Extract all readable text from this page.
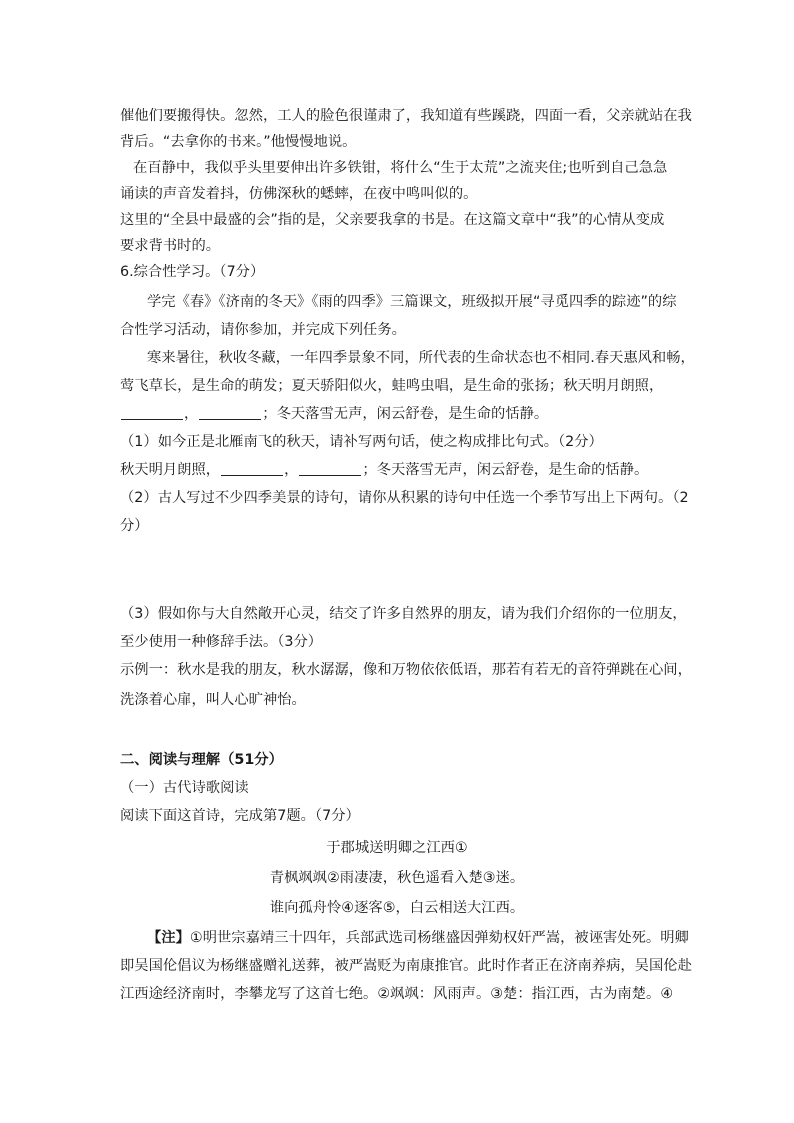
催他们要搬得快。忽然，工人的脸色很谨肃了，我知道有些蹊跷，四面一看，父亲就站在我
背后。“去拿你的书来。”他慢慢地说。
在百静中，我似乎头里要伸出许多铁钳，将什么“生于太荒”之流夹住;也听到自己急急
诵读的声音发着抖，仿佛深秋的蟋蟀，在夜中鸣叫似的。
这里的“全县中最盛的会”指的是，父亲要我拿的书是。在这篇文章中“我”的心情从变成
要求背书时的。
6.综合性学习。（7分）
学完《春》《济南的冬天》《雨的四季》三篇课文，班级拟开展“寻觅四季的踪迹”的综
合性学习活动，请你参加，并完成下列任务。
寒来暑往，秋收冬藏，一年四季景象不同，所代表的生命状态也不相同.春天惠风和畅，
莺飞草长，是生命的萌发；夏天骄阳似火，蛙鸣虫唱，是生命的张扬；秋天明月朗照，
，	；冬天落雪无声，闲云舒卷，是生命的恬静。
（1）如今正是北雁南飞的秋天，请补写两句话，使之构成排比句式。（2分）
秋天明月朗照，	，	；冬天落雪无声，闲云舒卷，是生命的恬静。
（2）古人写过不少四季美景的诗句，请你从积累的诗句中任选一个季节写出上下两句。（2
分）
（3）假如你与大自然敞开心灵，结交了许多自然界的朋友，请为我们介绍你的一位朋友，
至少使用一种修辞手法。（3分）
示例一：秋水是我的朋友，秋水潺潺，像和万物依依低语，那若有若无的音符弹跳在心间，
洗涤着心扉，叫人心旷神怡。
二、阅读与理解（51分）
（一）古代诗歌阅读
阅读下面这首诗，完成第7题。（7分）
于郡城送明卿之江西①
青枫飒飒②雨凄凄，秋色遥看入楚③迷。
谁向孤舟怜④逐客⑤，白云相送大江西。
【注】①明世宗嘉靖三十四年，兵部武选司杨继盛因弹劾权奸严嵩，被诬害处死。明卿
即吴国伦倡议为杨继盛赠礼送葬，被严嵩贬为南康推官。此时作者正在济南养病，吴国伦赴
江西途经济南时，李攀龙写了这首七绝。②飒飒：风雨声。③楚：指江西，古为南楚。④
